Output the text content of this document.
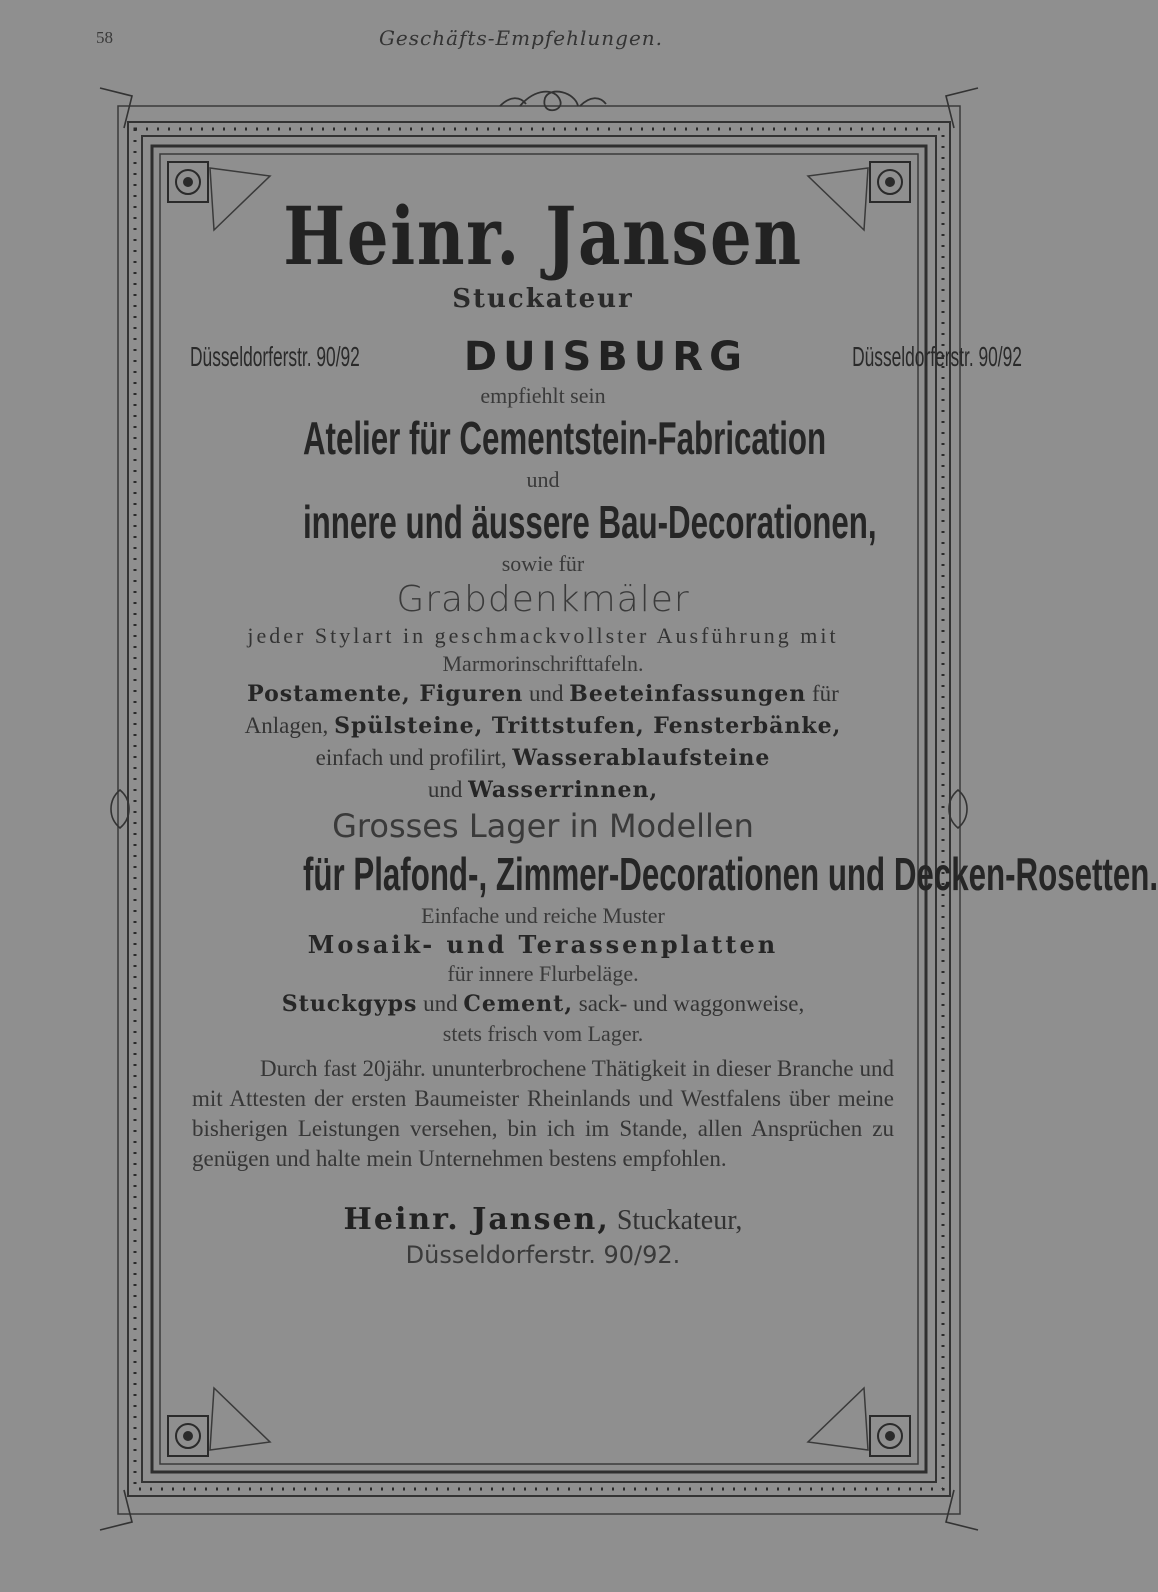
58	Geschäfts-Empfehlungen.
Heinr. Jansen
Stuckateur
Düsseldorferstr. 90/92	DUISBURG	Düsseldorferstr. 90/92
empfiehlt sein
Atelier für Cementstein-Fabrication
und
innere und äussere Bau-Decorationen,
sowie für
Grabdenkmäler
jeder Stylart in geschmackvollster Ausführung mit
Marmorinschrifttafeln.
Postamente, Figuren und Beeteinfassungen für
Anlagen, Spülsteine, Trittstufen, Fensterbänke,
einfach und profilirt, Wasserablaufsteine
und Wasserrinnen,
Grosses Lager in Modellen
für Plafond-, Zimmer-Decorationen und Decken-Rosetten.
Einfache und reiche Muster
Mosaik- und Terassenplatten
für innere Flurbeläge.
Stuckgyps und Cement, sack- und waggonweise,
stets frisch vom Lager.

Durch fast 20jähr. ununterbrochene Thätigkeit in dieser Branche und mit Attesten der ersten Baumeister Rheinlands und Westfalens über meine bisherigen Leistungen versehen, bin ich im Stande, allen Ansprüchen zu genügen und halte mein Unternehmen bestens empfohlen.

Heinr. Jansen, Stuckateur,
Düsseldorferstr. 90/92.
